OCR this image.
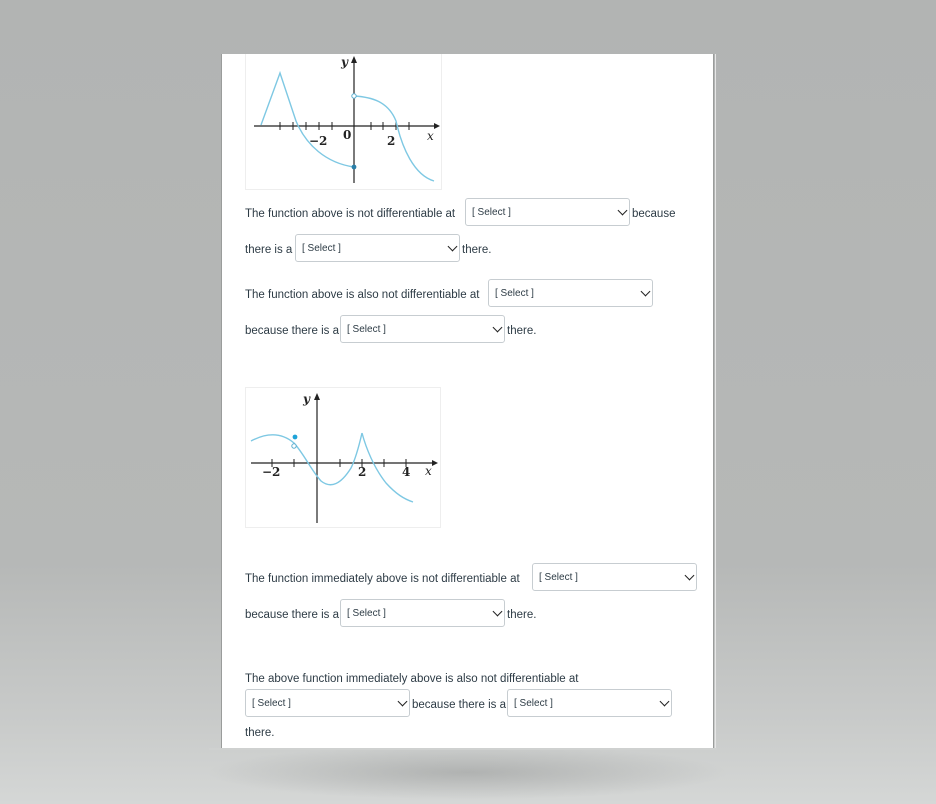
y
x
−2 0	2
The function above is not differentiable at
[ Select ]	because
there is a
[ Select ]	there.
The function above is also not differentiable at
[ Select ]
because there is a
[ Select ]	there.
y
x
−2	2	4
The function immediately above is not differentiable at
[ Select ]
because there is a
[ Select ]	there.
The above function immediately above is also not differentiable at
[ Select ]
because there is a
[ Select ]
there.
